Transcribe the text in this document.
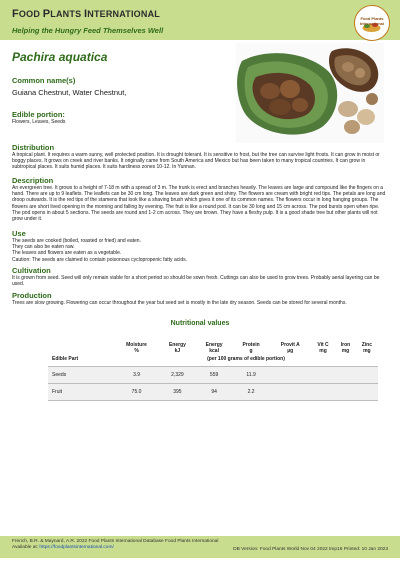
FOOD PLANTS INTERNATIONAL
Helping the Hungry Feed Themselves Well
Food Plants International
Pachira aquatica
Common name(s)
Guiana Chestnut, Water Chestnut,
Edible portion:
Flowers, Leaves, Seeds
Distribution
A tropical plant. It requires a warm sunny, well protected position. It is drought tolerant. It is sensitive to frost, but the tree can survive light frosts. It can grow in moist or boggy places. It grows on creek and river banks. It originally came from South America and Mexico but has been taken to many tropical countries. It can grow in subtropical places. It suits humid places. It suits hardiness zones 10-12. In Yunnan.
Description
An evergreen tree. It grows to a height of 7-18 m with a spread of 3 m. The trunk is erect and branches heavily. The leaves are large and compound like the fingers on a hand. There are up to 9 leaflets. The leaflets can be 30 cm long. The leaves are dark green and shiny. The flowers are cream with bright red tips. The petals are long and droop outwards. It is the red tips of the stamens that look like a shaving brush which gives it one of its common names. The flowers occur in long hanging groups. The flowers are short lived opening in the morning and falling by evening. The fruit is like a round pod. It can be 30 long and 15 cm across. The pod bursts open when ripe. The pod opens in about 5 sections. The seeds are round and 1-2 cm across. They are brown. They have a fleshy pulp. It is a good shade tree but other plants will not grow under it.
Use
The seeds are cooked (boiled, roasted or fried) and eaten.
They can also be eaten raw.
The leaves and flowers are eaten as a vegetable.
Caution: The seeds are claimed to contain poisonous cyclopropenic fatty acids.
Cultivation
It is grown from seed. Seed will only remain viable for a short period so should be sown fresh. Cuttings can also be used to grow trees. Probably aerial layering can be used.
Production
Trees are slow growing. Flowering can occur throughout the year but seed set is mostly in the late dry season. Seeds can be stored for several months.
Nutritional values
	Moisture	Energy	Energy	Protein	Provit A	Vit C	Iron	Zinc
	%	kJ	kcal	g	µg	mg	mg	mg
Edible Part	(per 100 grams of edible portion)							
Seeds	3.9	2,329	559	11.9				
Fruit	75.0	395	94	2.2				
French, B.R. & Maynard, A.R. 2022 Food Plants International Database Food Plants International
Available at: https://foodplantsinternational.com/	DB Version: Food Plants World Nov 04 2022 tmp16 Printed: 10 Jan 2023
